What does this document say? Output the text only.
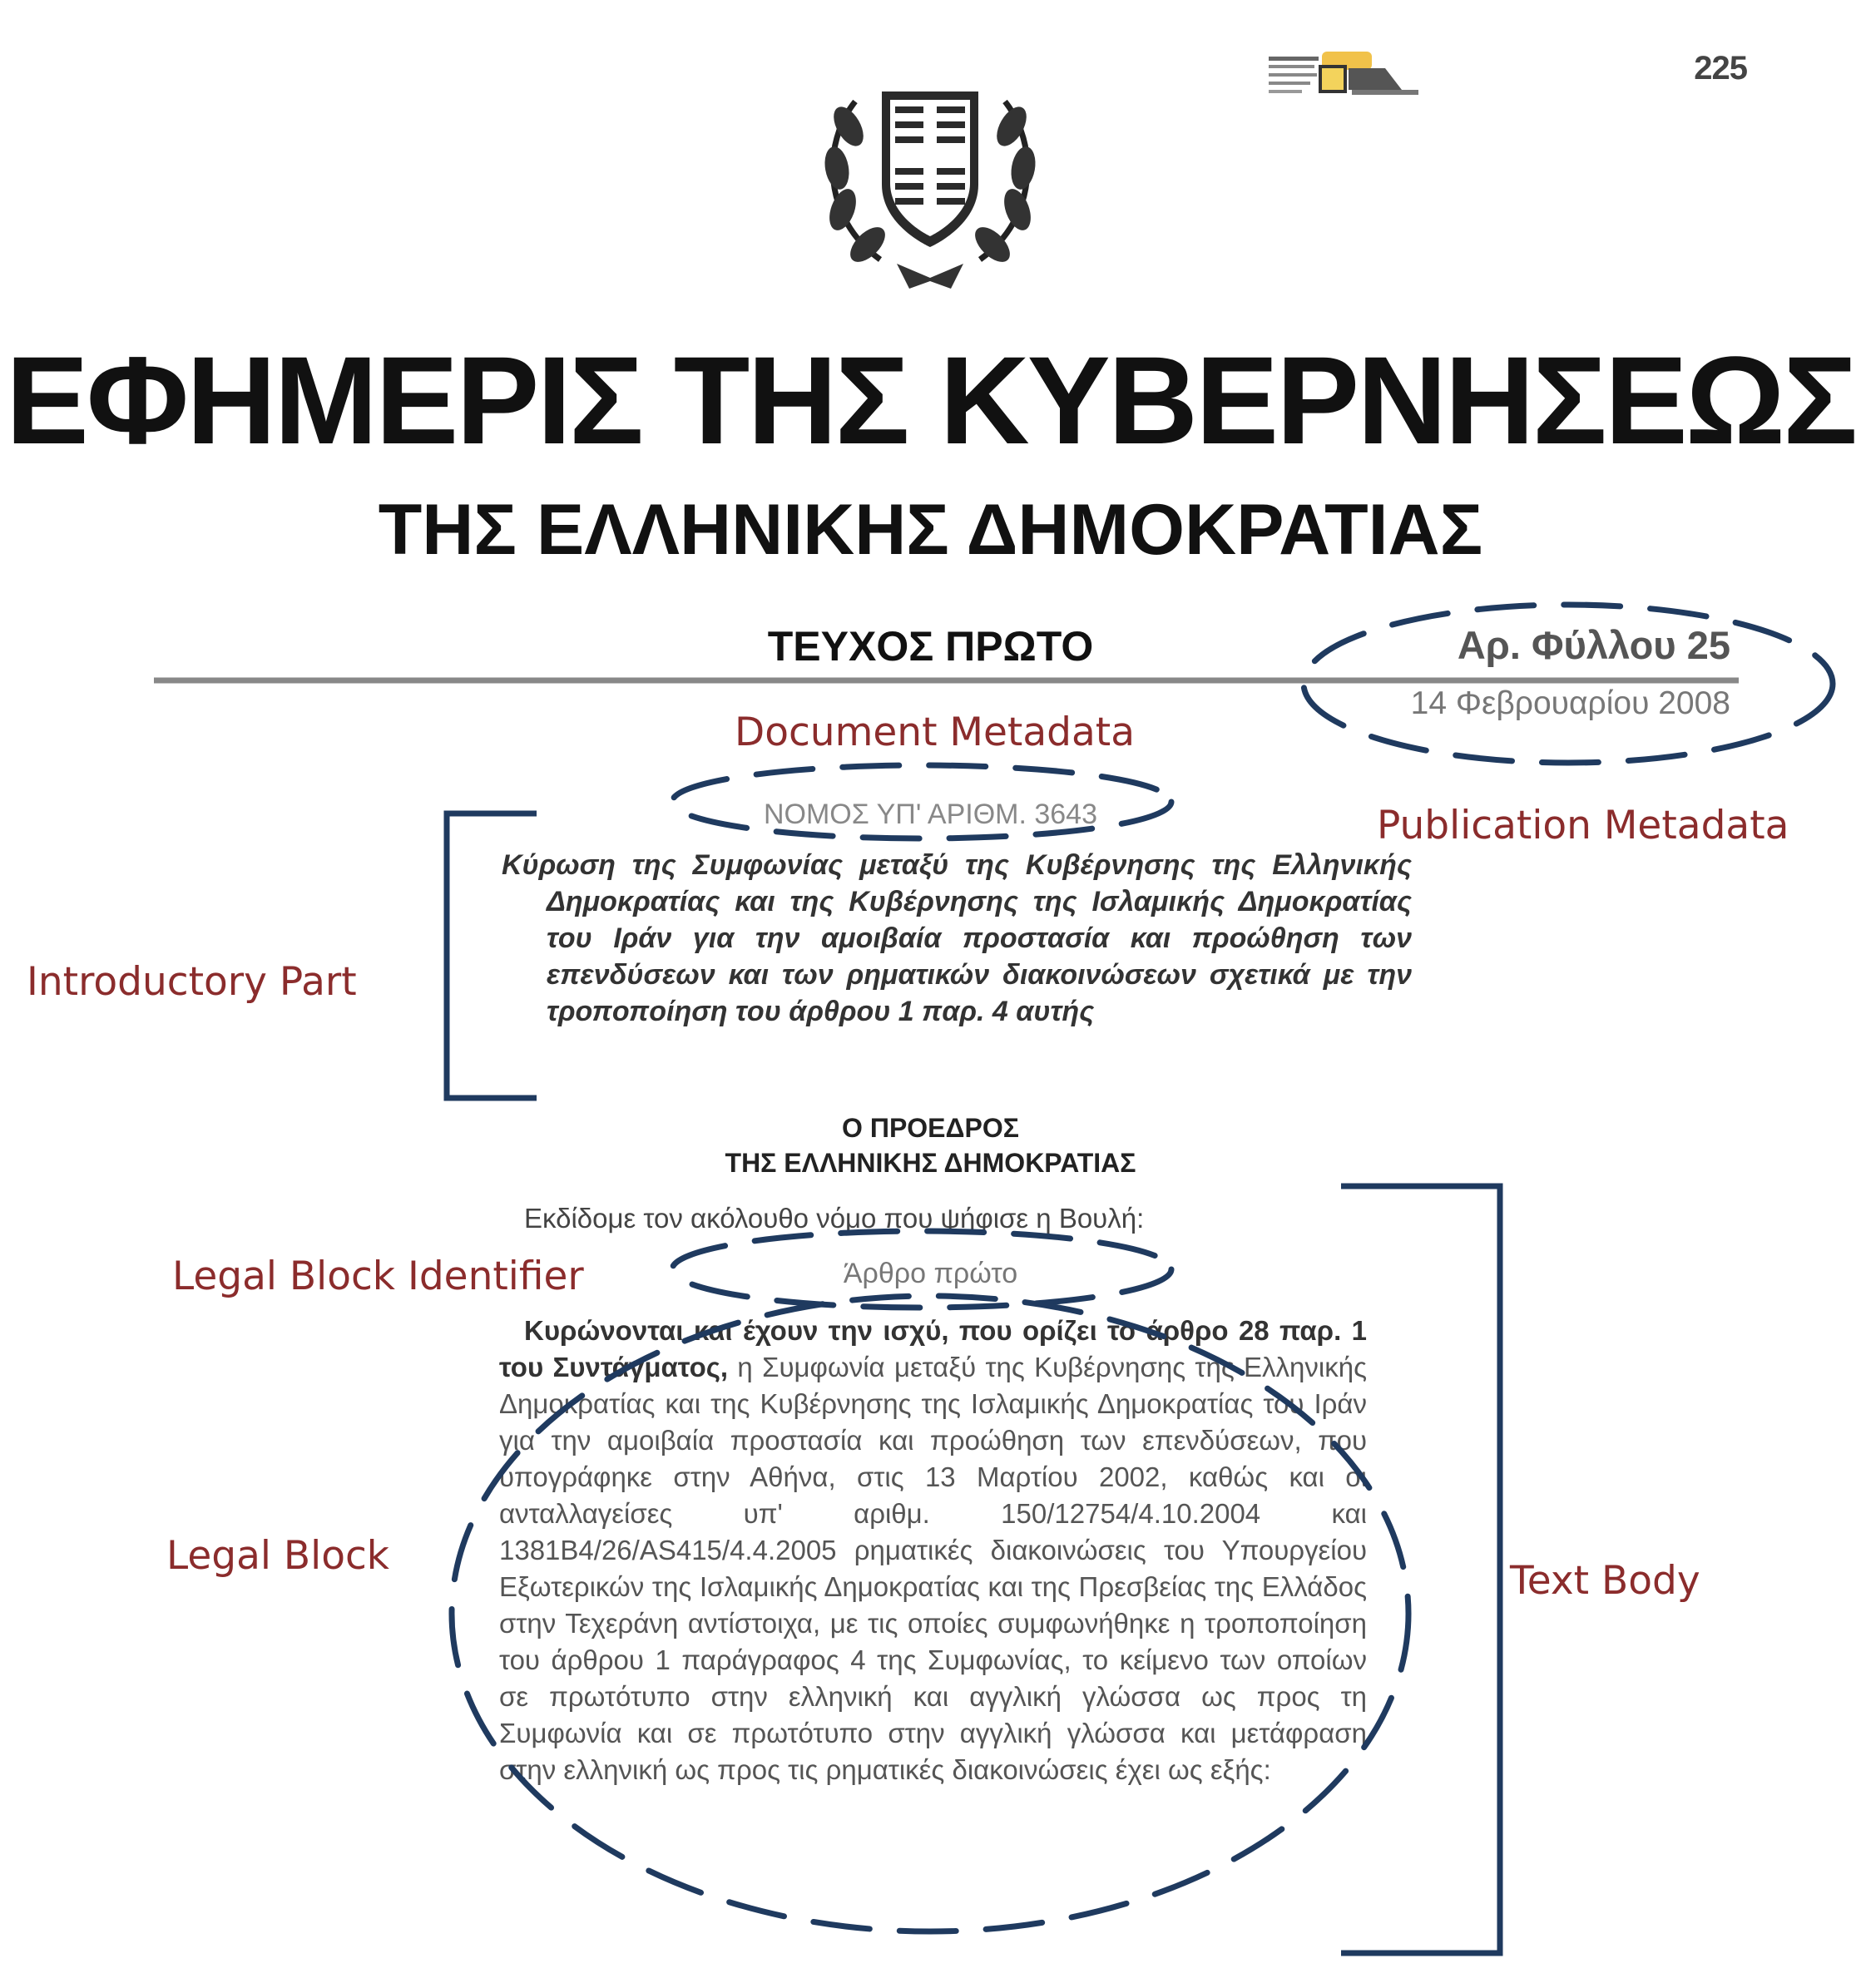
225
ΕΦΗΜΕΡΙΣ ΤΗΣ ΚΥΒΕΡΝΗΣΕΩΣ
ΤΗΣ ΕΛΛΗΝΙΚΗΣ ΔΗΜΟΚΡΑΤΙΑΣ
ΤΕΥΧΟΣ ΠΡΩΤΟ	Αρ. Φύλλου 25
14 Φεβρουαρίου 2008
ΝΟΜΟΣ ΥΠ' ΑΡΙΘΜ. 3643
Κύρωση της Συμφωνίας μεταξύ της Κυβέρνησης της Ελληνικής Δημοκρατίας και της Κυβέρνησης της Ισλαμικής Δημοκρατίας του Ιράν για την αμοιβαία προστασία και προώθηση των επενδύσεων και των ρηματικών διακοινώσεων σχετικά με την τροποποίηση του άρθρου 1 παρ. 4 αυτής
Ο ΠΡΟΕΔΡΟΣ
ΤΗΣ ΕΛΛΗΝΙΚΗΣ ΔΗΜΟΚΡΑΤΙΑΣ
Εκδίδομε τον ακόλουθο νόμο που ψήφισε η Βουλή:
Άρθρο πρώτο
Κυρώνονται και έχουν την ισχύ, που ορίζει το άρθρο 28 παρ. 1 του Συντάγματος, η Συμφωνία μεταξύ της Κυβέρνησης της Ελληνικής Δημοκρατίας και της Κυβέρνησης της Ισλαμικής Δημοκρατίας του Ιράν για την αμοιβαία προστασία και προώθηση των επενδύσεων, που υπογράφηκε στην Αθήνα, στις 13 Μαρτίου 2002, καθώς και οι ανταλλαγείσες υπ' αριθμ. 150/12754/4.10.2004 και 1381Β4/26/AS415/4.4.2005 ρηματικές διακοινώσεις του Υπουργείου Εξωτερικών της Ισλαμικής Δημοκρατίας και της Πρεσβείας της Ελλάδος στην Τεχεράνη αντίστοιχα, με τις οποίες συμφωνήθηκε η τροποποίηση του άρθρου 1 παράγραφος 4 της Συμφωνίας, το κείμενο των οποίων σε πρωτότυπο στην ελληνική και αγγλική γλώσσα ως προς τη Συμφωνία και σε πρωτότυπο στην αγγλική γλώσσα και μετάφραση στην ελληνική ως προς τις ρηματικές διακοινώσεις έχει ως εξής:
Document Metadata
Publication Metadata
Introductory Part
Legal Block Identifier
Legal Block
Text Body
